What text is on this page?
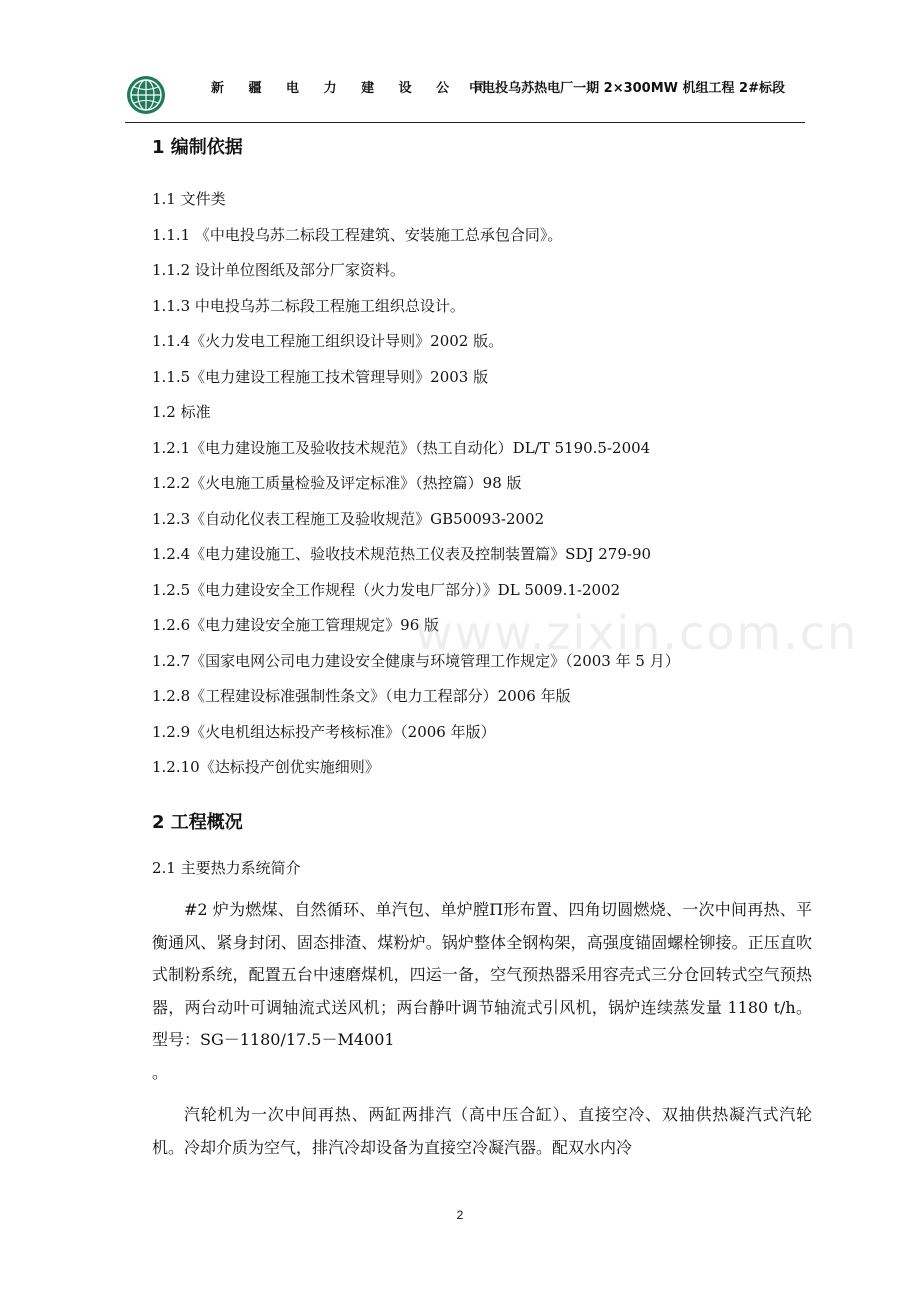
新 疆 电 力 建 设 公 司
中电投乌苏热电厂一期 2×300MW 机组工程 2#标段
1 编制依据
1.1 文件类
1.1.1 《中电投乌苏二标段工程建筑、安装施工总承包合同》。
1.1.2 设计单位图纸及部分厂家资料。
1.1.3 中电投乌苏二标段工程施工组织总设计。
1.1.4《火力发电工程施工组织设计导则》2002 版。
1.1.5《电力建设工程施工技术管理导则》2003 版
1.2 标准
1.2.1《电力建设施工及验收技术规范》（热工自动化）DL/T 5190.5-2004
1.2.2《火电施工质量检验及评定标准》（热控篇）98 版
1.2.3《自动化仪表工程施工及验收规范》GB50093-2002
1.2.4《电力建设施工、验收技术规范热工仪表及控制装置篇》SDJ 279-90
1.2.5《电力建设安全工作规程（火力发电厂部分）》DL 5009.1-2002
1.2.6《电力建设安全施工管理规定》96 版
1.2.7《国家电网公司电力建设安全健康与环境管理工作规定》（2003 年 5 月）
1.2.8《工程建设标准强制性条文》（电力工程部分）2006 年版
1.2.9《火电机组达标投产考核标准》（2006 年版）
1.2.10《达标投产创优实施细则》
2 工程概况
2.1 主要热力系统简介

#2 炉为燃煤、自然循环、单汽包、单炉膛Π形布置、四角切圆燃烧、一次中间再热、平衡通风、紧身封闭、固态排渣、煤粉炉。锅炉整体全钢构架，高强度锚固螺栓铆接。正压直吹式制粉系统，配置五台中速磨煤机，四运一备，空气预热器采用容壳式三分仓回转式空气预热器，两台动叶可调轴流式送风机；两台静叶调节轴流式引风机，锅炉连续蒸发量 1180 t/h。型号：SG－1180/17.5－M4001

。

汽轮机为一次中间再热、两缸两排汽（高中压合缸）、直接空冷、双抽供热凝汽式汽轮机。冷却介质为空气，排汽冷却设备为直接空冷凝汽器。配双水内冷

www.zixin.com.cn
2
